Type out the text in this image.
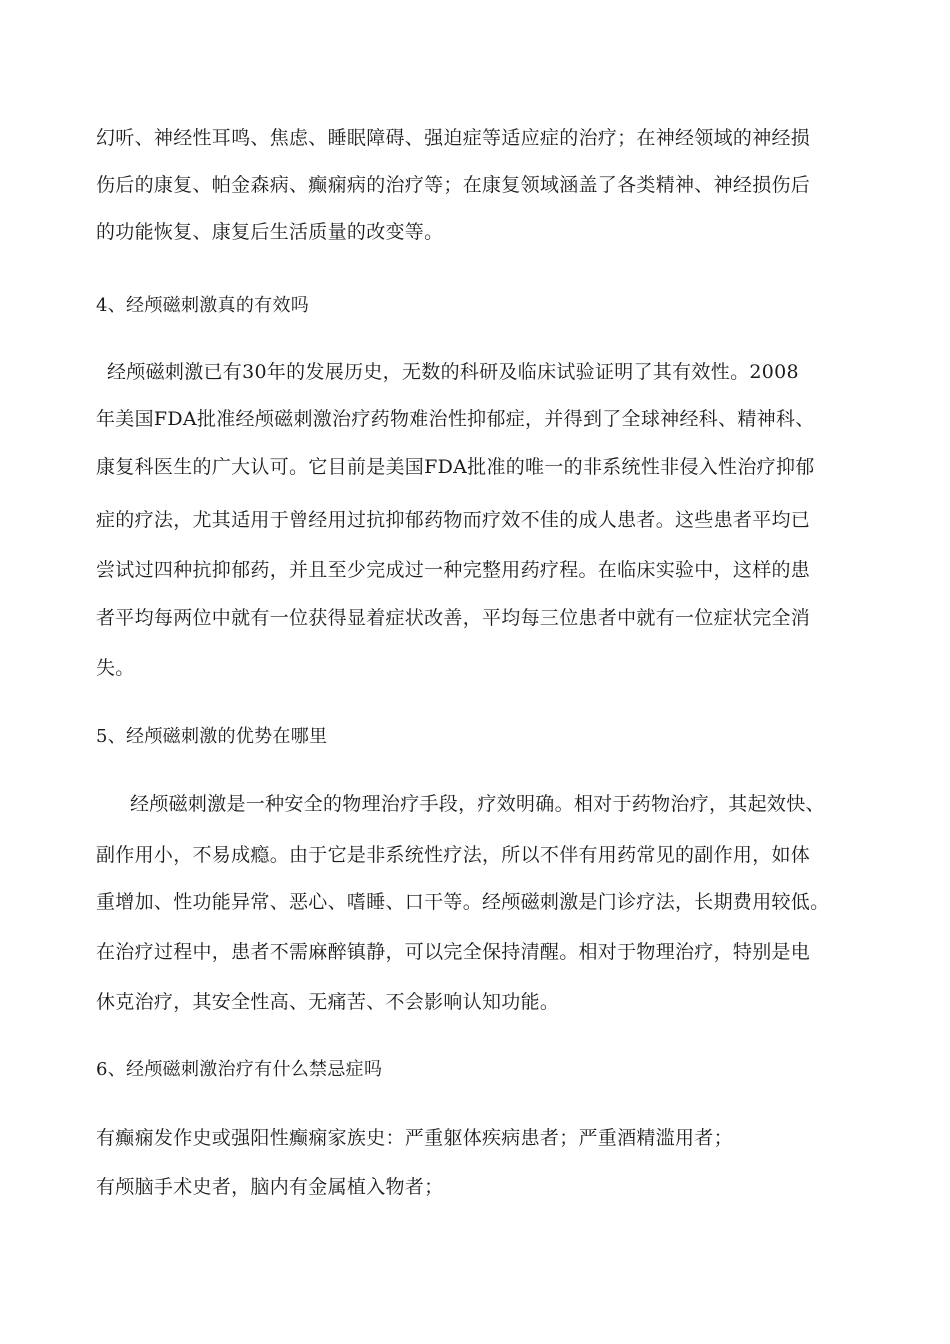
幻听、神经性耳鸣、焦虑、睡眠障碍、强迫症等适应症的治疗；在神经领域的神经损
伤后的康复、帕金森病、癫痫病的治疗等；在康复领域涵盖了各类精神、神经损伤后
的功能恢复、康复后生活质量的改变等。
4、经颅磁刺激真的有效吗
经颅磁刺激已有30年的发展历史，无数的科研及临床试验证明了其有效性。2008
年美国FDA批准经颅磁刺激治疗药物难治性抑郁症，并得到了全球神经科、精神科、
康复科医生的广大认可。它目前是美国FDA批准的唯一的非系统性非侵入性治疗抑郁
症的疗法，尤其适用于曾经用过抗抑郁药物而疗效不佳的成人患者。这些患者平均已
尝试过四种抗抑郁药，并且至少完成过一种完整用药疗程。在临床实验中，这样的患
者平均每两位中就有一位获得显着症状改善，平均每三位患者中就有一位症状完全消
失。
5、经颅磁刺激的优势在哪里
经颅磁刺激是一种安全的物理治疗手段，疗效明确。相对于药物治疗，其起效快、
副作用小，不易成瘾。由于它是非系统性疗法，所以不伴有用药常见的副作用，如体
重增加、性功能异常、恶心、嗜睡、口干等。经颅磁刺激是门诊疗法，长期费用较低。
在治疗过程中，患者不需麻醉镇静，可以完全保持清醒。相对于物理治疗，特别是电
休克治疗，其安全性高、无痛苦、不会影响认知功能。
6、经颅磁刺激治疗有什么禁忌症吗
有癫痫发作史或强阳性癫痫家族史：严重躯体疾病患者；严重酒精滥用者；
有颅脑手术史者，脑内有金属植入物者；
